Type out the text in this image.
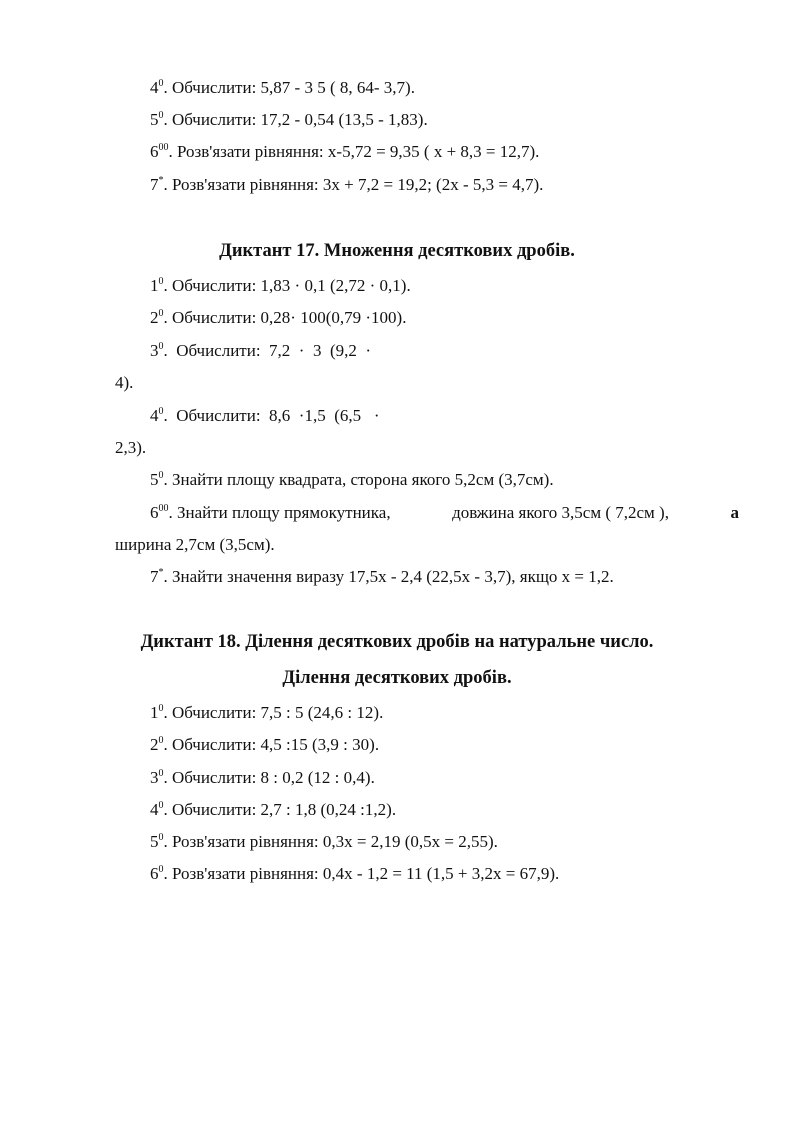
$4^0$. Обчислити: 5,87 - 3 5 ( 8, 64- 3,7).
$5^0$. Обчислити: 17,2 - 0,54 (13,5 - 1,83).
$6^{00}$. Розв'язати рівняння: x-5,72 = 9,35 ( x + 8,3 = 12,7).
7*. Розв'язати рівняння: 3x + 7,2 = 19,2; (2x - 5,3 = 4,7).
Диктант 17. Множення десяткових дробів.
$1^0$. Обчислити: 1,83 · 0,1 (2,72 · 0,1).
$2^0$. Обчислити: 0,28· 100(0,79 ·100).
$3^0$.  Обчислити:  7,2  ·  3  (9,2  ·
4).
$4^0$.  Обчислити:  8,6  ·1,5  (6,5   ·
2,3).
$5^0$. Знайти площу квадрата, сторона якого 5,2см (3,7см).
$6^{00}$. Знайти площу прямокутника,	довжина якого 3,5см ( 7,2см ),	а
ширина 2,7см (3,5см).
7*. Знайти значення виразу 17,5x - 2,4 (22,5x - 3,7), якщо x = 1,2.
Диктант 18. Ділення десяткових дробів на натуральне число.
Ділення десяткових дробів.
$1^0$. Обчислити: 7,5 : 5 (24,6 : 12).
$2^0$. Обчислити: 4,5 :15 (3,9 : 30).
$3^0$. Обчислити: 8 : 0,2 (12 : 0,4).
$4^0$. Обчислити: 2,7 : 1,8 (0,24 :1,2).
$5^0$. Розв'язати рівняння: 0,3x = 2,19 (0,5x = 2,55).
$6^0$. Розв'язати рівняння: 0,4x - 1,2 = 11 (1,5 + 3,2x = 67,9).
